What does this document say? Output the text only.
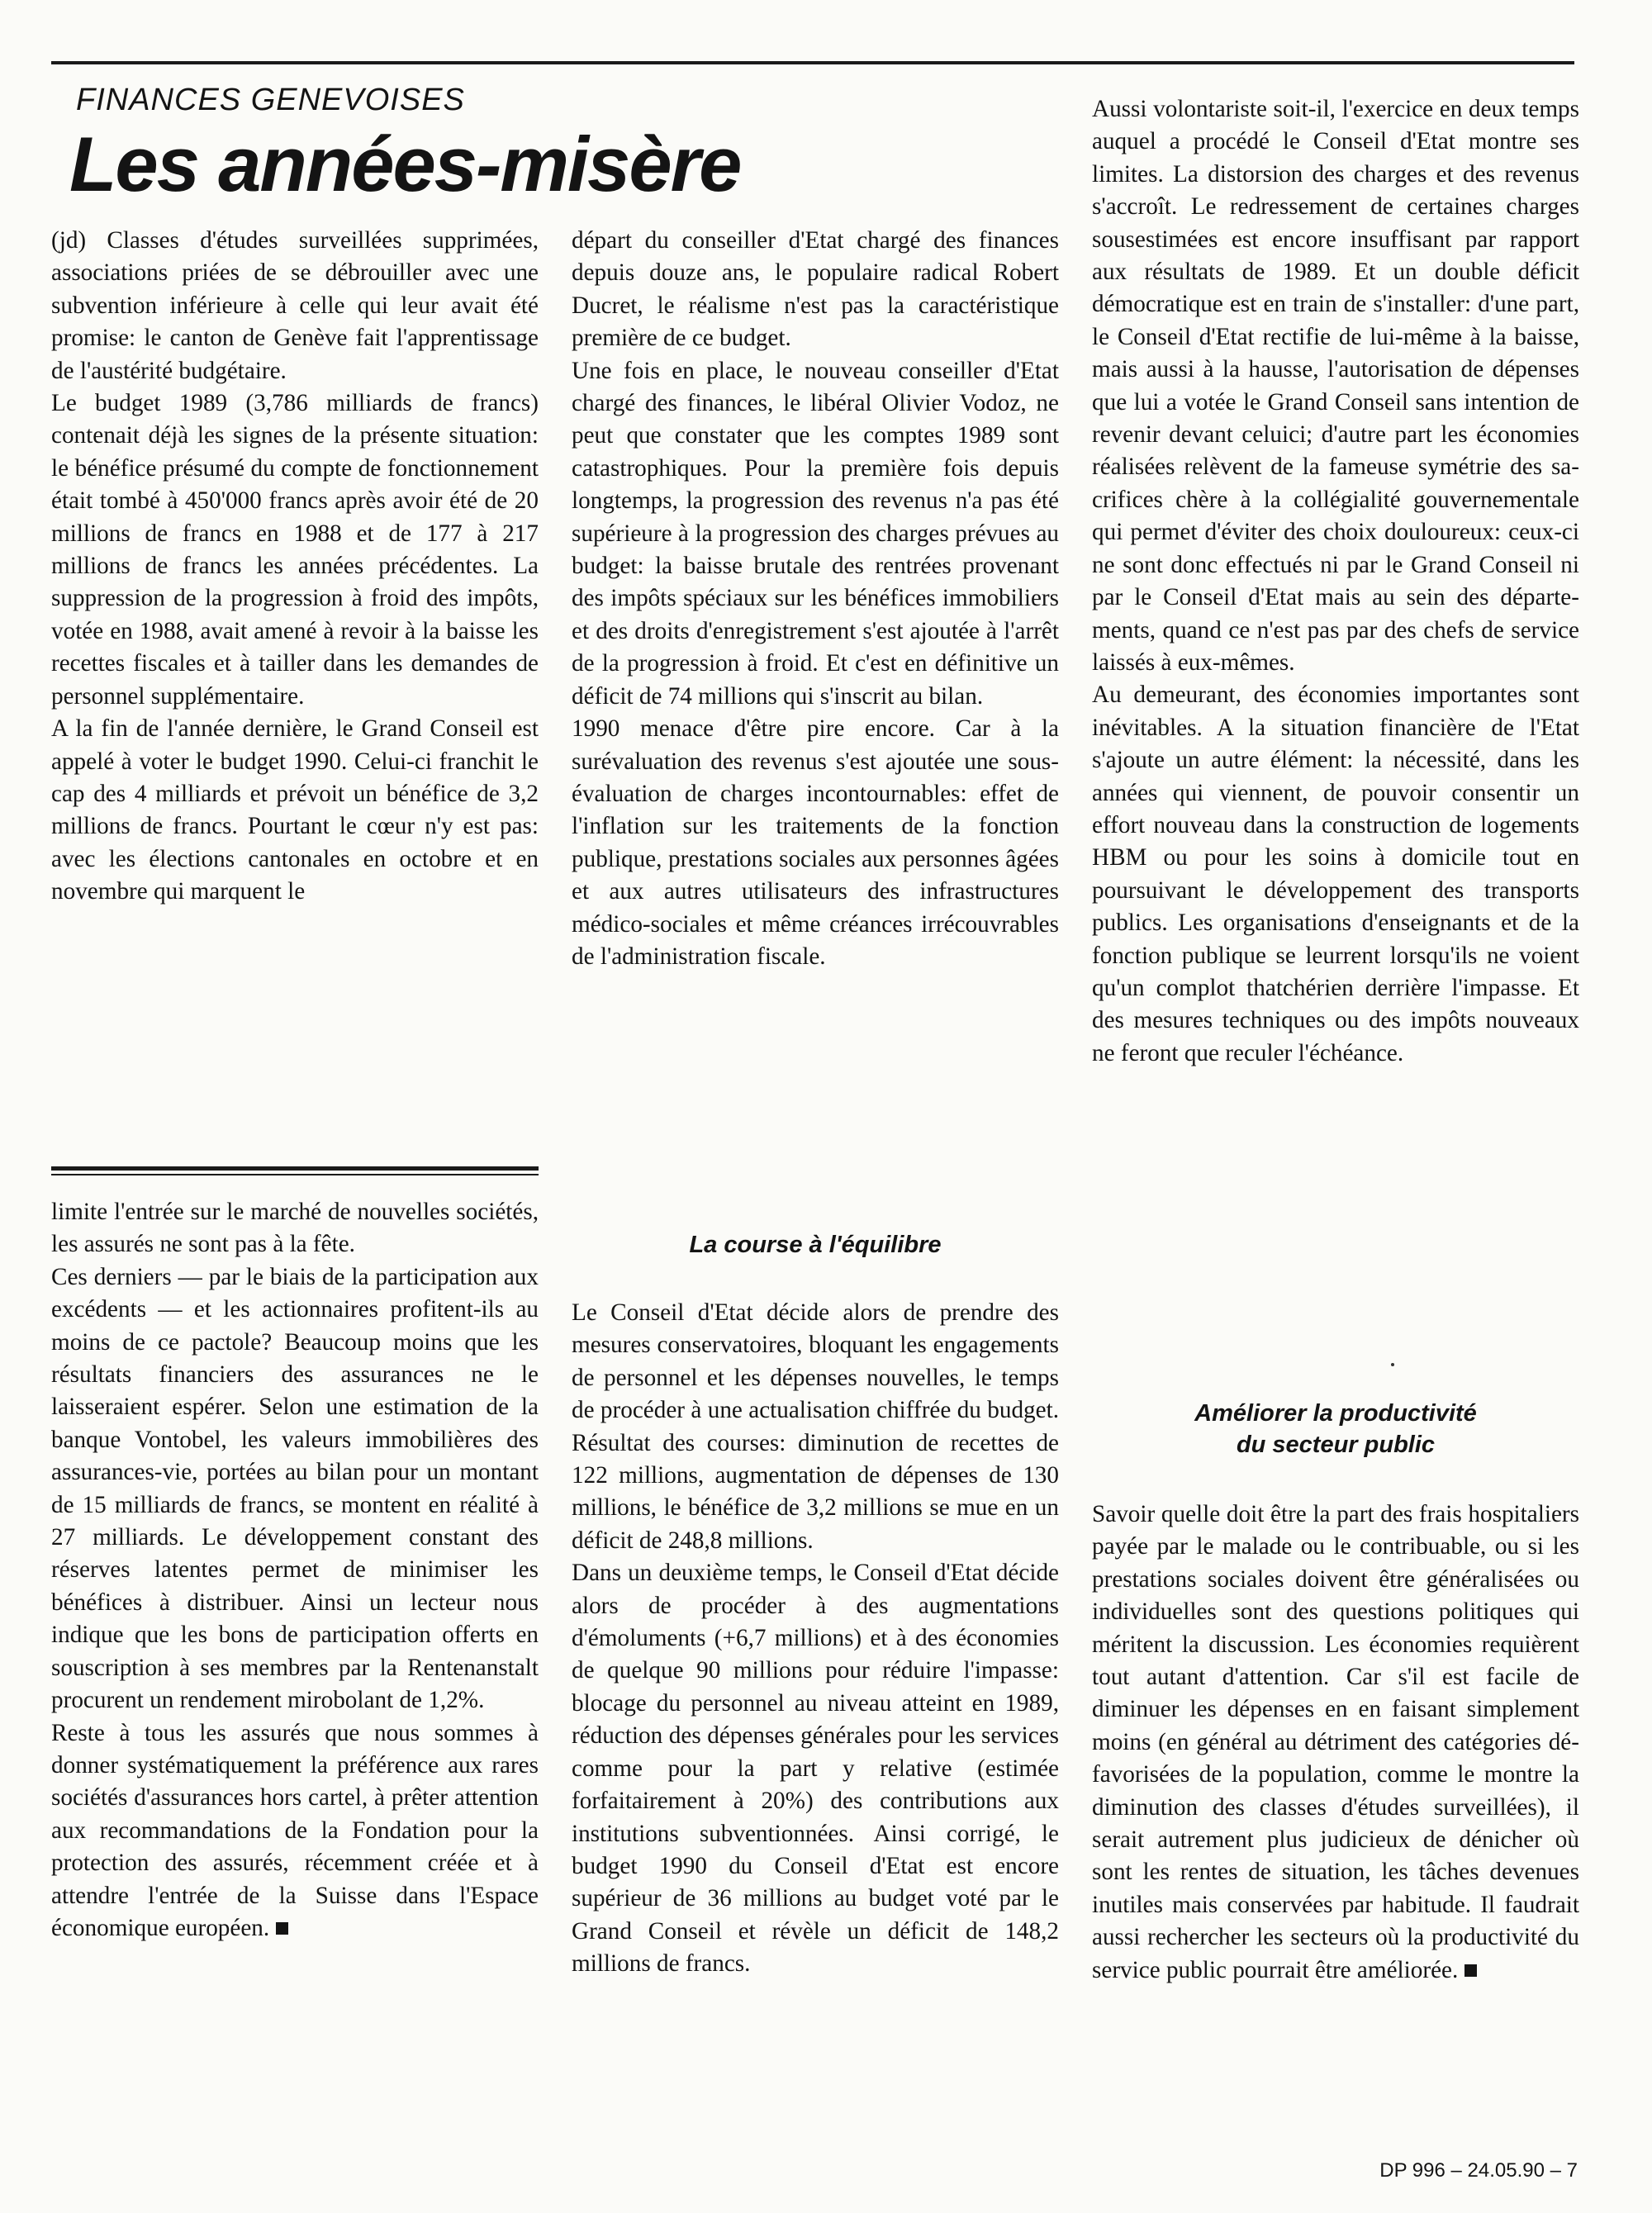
FINANCES GENEVOISES
Les années-misère

(jd) Classes d'études surveillées supprimées, associations priées de se débrouiller avec une subvention inférieure à celle qui leur avait été promise: le canton de Genève fait l'apprentissage de l'austérité budgétaire.

Le budget 1989 (3,786 milliards de francs) contenait déjà les signes de la présente situation: le bénéfice présumé du compte de fonctionnement était tombé à 450'000 francs après avoir été de 20 millions de francs en 1988 et de 177 à 217 millions de francs les années précédentes. La suppression de la progression à froid des impôts, votée en 1988, avait amené à revoir à la baisse les recettes fiscales et à tailler dans les demandes de personnel supplémentaire.

A la fin de l'année dernière, le Grand Conseil est appelé à voter le budget 1990. Celui-ci franchit le cap des 4 milliards et prévoit un bénéfice de 3,2 millions de francs. Pourtant le cœur n'y est pas: avec les élections cantonales en octobre et en novembre qui marquent le

limite l'entrée sur le marché de nouvelles sociétés, les assurés ne sont pas à la fête.

Ces derniers — par le biais de la participation aux excédents — et les actionnaires profitent-ils au moins de ce pactole? Beaucoup moins que les résultats financiers des assurances ne le laisseraient espérer. Selon une estimation de la banque Vontobel, les valeurs immobilières des assurances-vie, portées au bilan pour un montant de 15 milliards de francs, se montent en réalité à 27 milliards. Le développement constant des réserves latentes permet de minimiser les bénéfices à distribuer. Ainsi un lecteur nous indique que les bons de participation offerts en souscription à ses membres par la Rentenanstalt procurent un rendement mirobolant de 1,2%.

Reste à tous les assurés que nous sommes à donner systématiquement la préférence aux rares sociétés d'assurances hors cartel, à prêter attention aux recommandations de la Fondation pour la protection des assurés, récemment créée et à attendre l'entrée de la Suisse dans l'Espace économique européen.

départ du conseiller d'Etat chargé des finances depuis douze ans, le populaire radical Robert Ducret, le réalisme n'est pas la caractéristique première de ce budget.

Une fois en place, le nouveau conseiller d'Etat chargé des finances, le libéral Olivier Vodoz, ne peut que constater que les comptes 1989 sont catastrophiques. Pour la première fois depuis longtemps, la progression des revenus n'a pas été supérieure à la progression des charges prévues au budget: la baisse brutale des rentrées provenant des impôts spéciaux sur les bénéfices immobiliers et des droits d'enregistrement s'est ajoutée à l'arrêt de la progression à froid. Et c'est en définitive un déficit de 74 millions qui s'inscrit au bilan.

1990 menace d'être pire encore. Car à la surévaluation des revenus s'est ajoutée une sous-évaluation de charges incontournables: effet de l'inflation sur les traitements de la fonction publique, prestations sociales aux personnes âgées et aux autres utilisateurs des infrastructures médico-sociales et même créances irrécouvrables de l'administration fiscale.

La course à l'équilibre

Le Conseil d'Etat décide alors de prendre des mesures conservatoires, bloquant les engagements de personnel et les dépenses nouvelles, le temps de procéder à une actualisation chiffrée du budget. Résultat des courses: diminution de recettes de 122 millions, augmentation de dépenses de 130 millions, le bénéfice de 3,2 millions se mue en un déficit de 248,8 millions.

Dans un deuxième temps, le Conseil d'Etat décide alors de procéder à des augmentations d'émoluments (+6,7 millions) et à des économies de quelque 90 millions pour réduire l'impasse: blocage du personnel au niveau atteint en 1989, réduction des dépenses générales pour les services comme pour la part y relative (estimée forfaitairement à 20%) des contributions aux institutions subventionnées. Ainsi corrigé, le budget 1990 du Conseil d'Etat est encore supérieur de 36 millions au budget voté par le Grand Conseil et révèle un déficit de 148,2 millions de francs.

Aussi volontariste soit-il, l'exercice en deux temps auquel a procédé le Conseil d'Etat montre ses limites. La distorsion des charges et des revenus s'accroît. Le redressement de certaines charges sousestimées est encore insuffisant par rapport aux résultats de 1989. Et un double déficit démocratique est en train de s'installer: d'une part, le Conseil d'Etat rectifie de lui-même à la baisse, mais aussi à la hausse, l'autorisation de dépenses que lui a votée le Grand Conseil sans intention de revenir devant celuici; d'autre part les économies réalisées relèvent de la fameuse symétrie des sacrifices chère à la collégialité gouvernementale qui permet d'éviter des choix douloureux: ceux-ci ne sont donc effectués ni par le Grand Conseil ni par le Conseil d'Etat mais au sein des départements, quand ce n'est pas par des chefs de service laissés à eux-mêmes.

Au demeurant, des économies importantes sont inévitables. A la situation financière de l'Etat s'ajoute un autre élément: la nécessité, dans les années qui viennent, de pouvoir consentir un effort nouveau dans la construction de logements HBM ou pour les soins à domicile tout en poursuivant le développement des transports publics. Les organisations d'enseignants et de la fonction publique se leurrent lorsqu'ils ne voient qu'un complot thatchérien derrière l'impasse. Et des mesures techniques ou des impôts nouveaux ne feront que reculer l'échéance.

Améliorer la productivité
du secteur public

Savoir quelle doit être la part des frais hospitaliers payée par le malade ou le contribuable, ou si les prestations sociales doivent être généralisées ou individuelles sont des questions politiques qui méritent la discussion. Les économies requièrent tout autant d'attention. Car s'il est facile de diminuer les dépenses en en faisant simplement moins (en général au détriment des catégories défavorisées de la population, comme le montre la diminution des classes d'études surveillées), il serait autrement plus judicieux de dénicher où sont les rentes de situation, les tâches devenues inutiles mais conservées par habitude. Il faudrait aussi rechercher les secteurs où la productivité du service public pourrait être améliorée.

DP 996 – 24.05.90 – 7
